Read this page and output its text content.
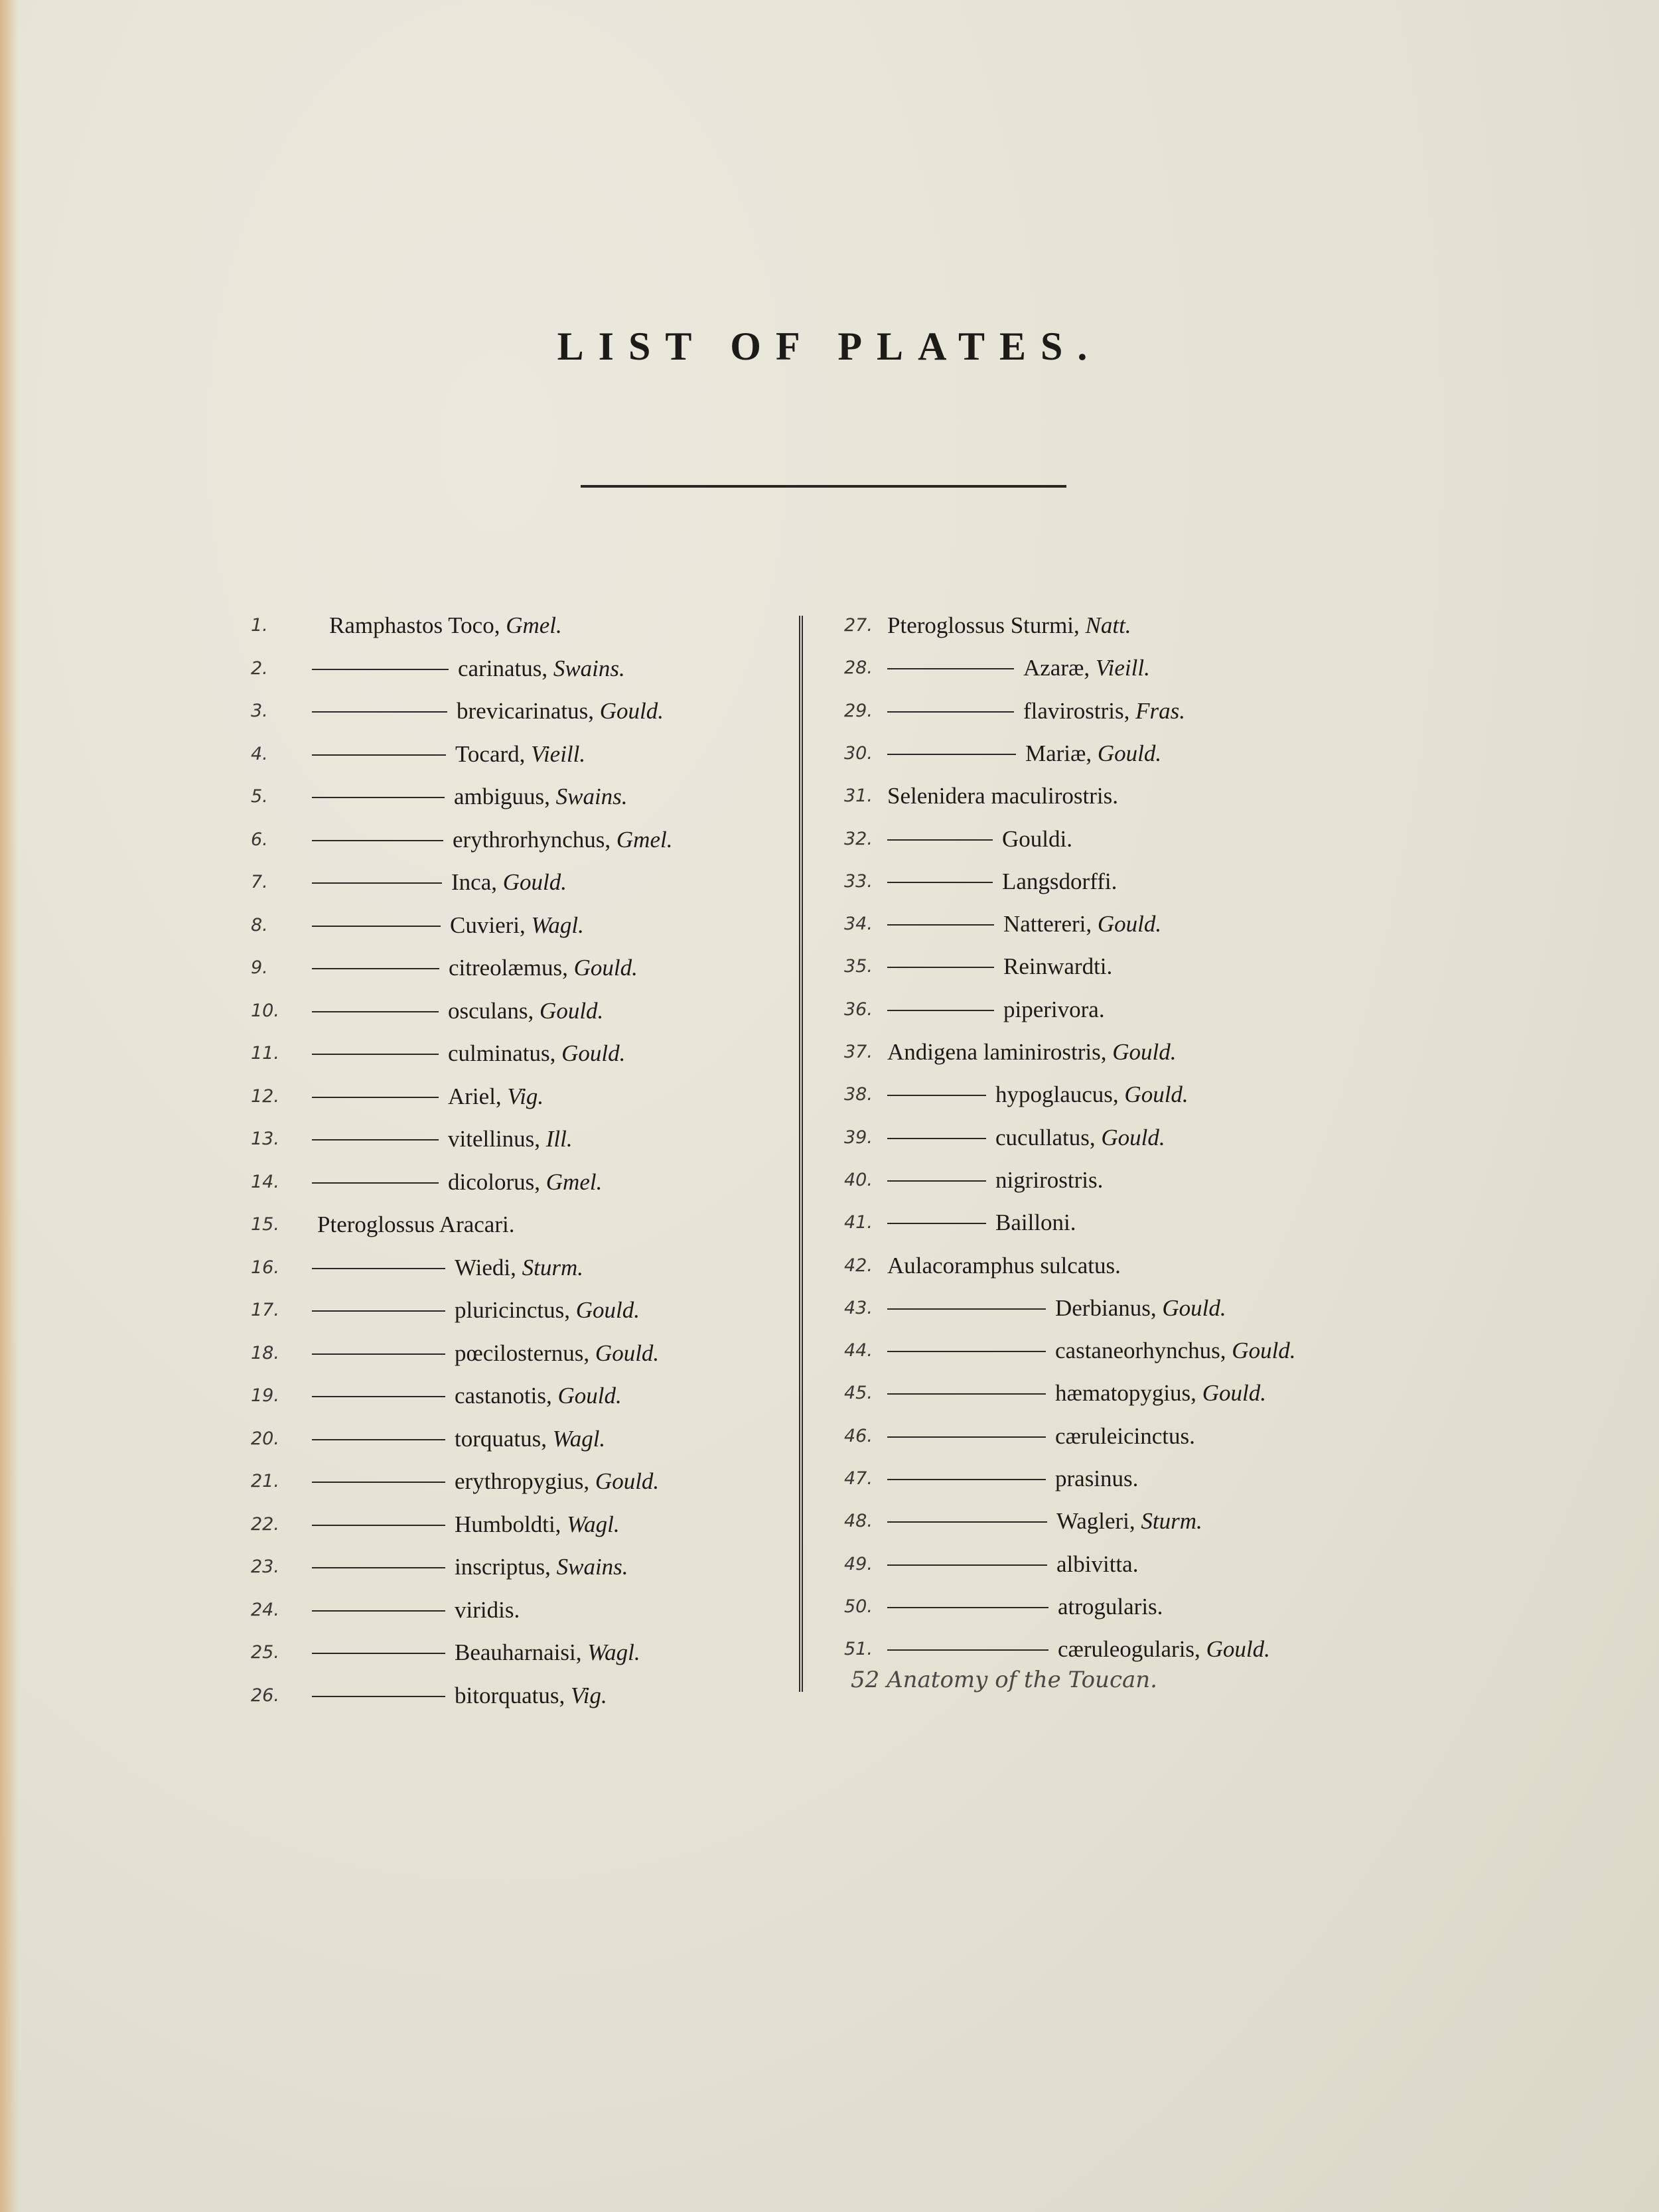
LIST OF PLATES.
1.	Ramphastos Toco, Gmel.
2.	carinatus, Swains.
3.	brevicarinatus, Gould.
4.	Tocard, Vieill.
5.	ambiguus, Swains.
6.	erythrorhynchus, Gmel.
7.	Inca, Gould.
8.	Cuvieri, Wagl.
9.	citreolæmus, Gould.
10.	osculans, Gould.
11.	culminatus, Gould.
12.	Ariel, Vig.
13.	vitellinus, Ill.
14.	dicolorus, Gmel.
15.	Pteroglossus Aracari.
16.	Wiedi, Sturm.
17.	pluricinctus, Gould.
18.	pœcilosternus, Gould.
19.	castanotis, Gould.
20.	torquatus, Wagl.
21.	erythropygius, Gould.
22.	Humboldti, Wagl.
23.	inscriptus, Swains.
24.	viridis.
25.	Beauharnaisi, Wagl.
26.	bitorquatus, Vig.
27. Pteroglossus Sturmi, Natt.
28.	Azaræ, Vieill.
29.	flavirostris, Fras.
30.	Mariæ, Gould.
31. Selenidera maculirostris.
32.	Gouldi.
33.	Langsdorffi.
34.	Nattereri, Gould.
35.	Reinwardti.
36.	piperivora.
37. Andigena laminirostris, Gould.
38.	hypoglaucus, Gould.
39.	cucullatus, Gould.
40.	nigrirostris.
41.	Bailloni.
42. Aulacoramphus sulcatus.
43.	Derbianus, Gould.
44.	castaneorhynchus, Gould.
45.	hæmatopygius, Gould.
46.	cæruleicinctus.
47.	prasinus.
48.	Wagleri, Sturm.
49.	albivitta.
50.	atrogularis.
51.	cæruleogularis, Gould.
52 Anatomy of the Toucan.
